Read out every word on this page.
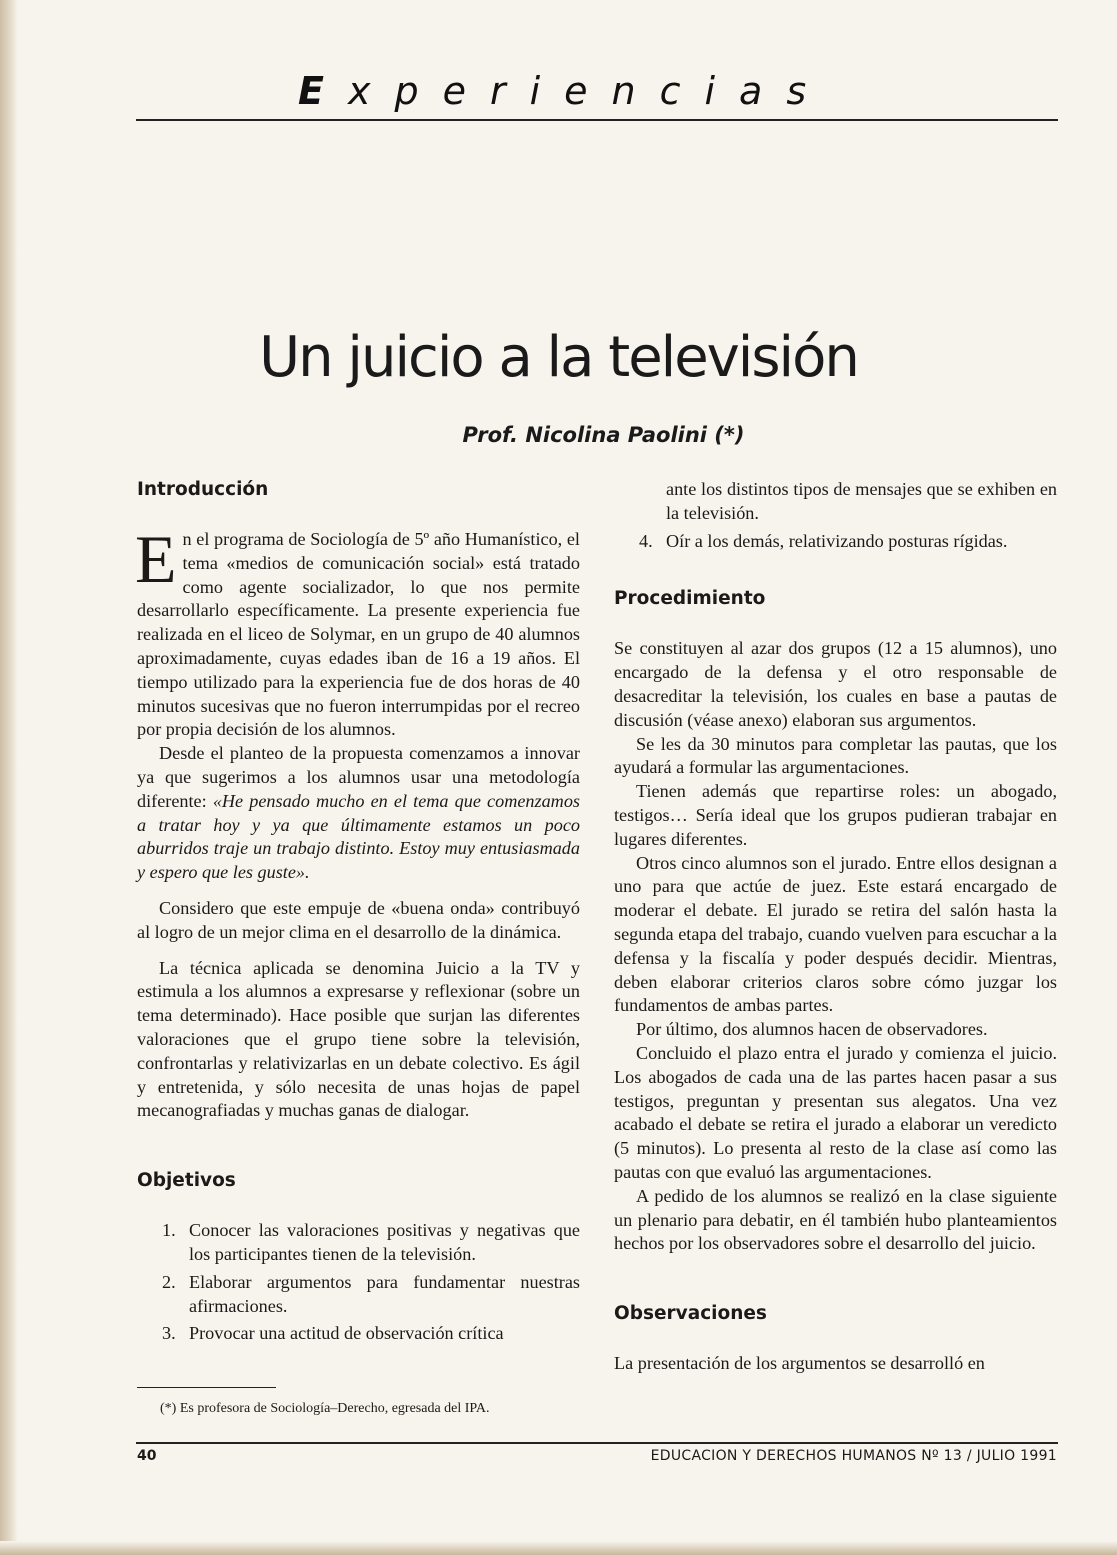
Experiencias
Un juicio a la televisión
Prof. Nicolina Paolini (*)
Introducción

En el programa de Sociología de 5º año Humanístico, el tema «medios de comunicación social» está tratado como agente socializador, lo que nos permite desarrollarlo específicamente. La presente experiencia fue realizada en el liceo de Solymar, en un grupo de 40 alumnos aproximadamente, cuyas edades iban de 16 a 19 años. El tiempo utilizado para la experiencia fue de dos horas de 40 minutos sucesivas que no fueron interrumpidas por el recreo por propia decisión de los alumnos.

Desde el planteo de la propuesta comenzamos a innovar ya que sugerimos a los alumnos usar una metodología diferente: «He pensado mucho en el tema que comenzamos a tratar hoy y ya que últimamente estamos un poco aburridos traje un trabajo distinto. Estoy muy entusiasmada y espero que les guste».

Considero que este empuje de «buena onda» contribuyó al logro de un mejor clima en el desarrollo de la dinámica.

La técnica aplicada se denomina Juicio a la TV y estimula a los alumnos a expresarse y reflexionar (sobre un tema determinado). Hace posible que surjan las diferentes valoraciones que el grupo tiene sobre la televisión, confrontarlas y relativizarlas en un debate colectivo. Es ágil y entretenida, y sólo necesita de unas hojas de papel mecanografiadas y muchas ganas de dialogar.

Objetivos
1. Conocer las valoraciones positivas y negativas que los participantes tienen de la televisión.
2. Elaborar argumentos para fundamentar nuestras afirmaciones.
3. Provocar una actitud de observación crítica
ante los distintos tipos de mensajes que se exhiben en la televisión.
4. Oír a los demás, relativizando posturas rígidas.
Procedimiento

Se constituyen al azar dos grupos (12 a 15 alumnos), uno encargado de la defensa y el otro responsable de desacreditar la televisión, los cuales en base a pautas de discusión (véase anexo) elaboran sus argumentos.

Se les da 30 minutos para completar las pautas, que los ayudará a formular las argumentaciones.

Tienen además que repartirse roles: un abogado, testigos… Sería ideal que los grupos pudieran trabajar en lugares diferentes.

Otros cinco alumnos son el jurado. Entre ellos designan a uno para que actúe de juez. Este estará encargado de moderar el debate. El jurado se retira del salón hasta la segunda etapa del trabajo, cuando vuelven para escuchar a la defensa y la fiscalía y poder después decidir. Mientras, deben elaborar criterios claros sobre cómo juzgar los fundamentos de ambas partes.

Por último, dos alumnos hacen de observadores.

Concluido el plazo entra el jurado y comienza el juicio. Los abogados de cada una de las partes hacen pasar a sus testigos, preguntan y presentan sus alegatos. Una vez acabado el debate se retira el jurado a elaborar un veredicto (5 minutos). Lo presenta al resto de la clase así como las pautas con que evaluó las argumentaciones.

A pedido de los alumnos se realizó en la clase siguiente un plenario para debatir, en él también hubo planteamientos hechos por los observadores sobre el desarrollo del juicio.

Observaciones

La presentación de los argumentos se desarrolló en

(*) Es profesora de Sociología–Derecho, egresada del IPA.
40	EDUCACION Y DERECHOS HUMANOS Nº 13 / JULIO 1991
